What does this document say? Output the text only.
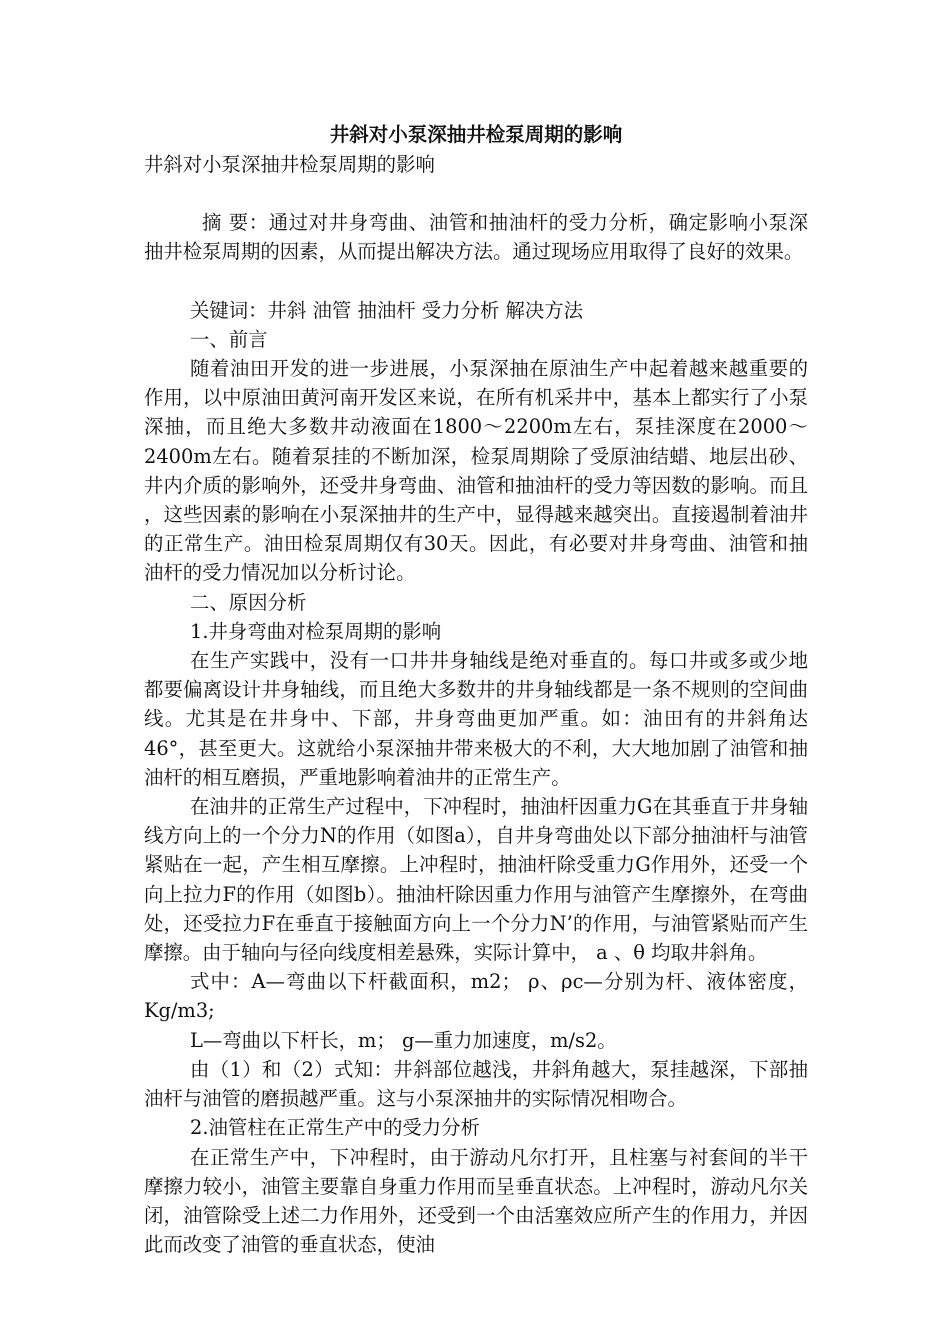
井斜对小泵深抽井检泵周期的影响

井斜对小泵深抽井检泵周期的影响

摘 要：通过对井身弯曲、油管和抽油杆的受力分析，确定影响小泵深抽井检泵周期的因素，从而提出解决方法。通过现场应用取得了良好的效果。

关键词：井斜 油管 抽油杆 受力分析 解决方法

一、前言

随着油田开发的进一步进展，小泵深抽在原油生产中起着越来越重要的作用，以中原油田黄河南开发区来说，在所有机采井中，基本上都实行了小泵深抽，而且绝大多数井动液面在1800～2200m左右，泵挂深度在2000～2400m左右。随着泵挂的不断加深，检泵周期除了受原油结蜡、地层出砂、井内介质的影响外，还受井身弯曲、油管和抽油杆的受力等因数的影响。而且 ，这些因素的影响在小泵深抽井的生产中，显得越来越突出。直接遏制着油井的正常生产。油田检泵周期仅有30天。因此，有必要对井身弯曲、油管和抽油杆的受力情况加以分析讨论。

二、原因分析

1.井身弯曲对检泵周期的影响

在生产实践中，没有一口井井身轴线是绝对垂直的。每口井或多或少地都要偏离设计井身轴线，而且绝大多数井的井身轴线都是一条不规则的空间曲线。尤其是在井身中、下部，井身弯曲更加严重。如：油田有的井斜角达46°，甚至更大。这就给小泵深抽井带来极大的不利，大大地加剧了油管和抽油杆的相互磨损，严重地影响着油井的正常生产。

在油井的正常生产过程中，下冲程时，抽油杆因重力G在其垂直于井身轴线方向上的一个分力N的作用（如图a），自井身弯曲处以下部分抽油杆与油管紧贴在一起，产生相互摩擦。上冲程时，抽油杆除受重力G作用外，还受一个向上拉力F的作用（如图b）。抽油杆除因重力作用与油管产生摩擦外，在弯曲处，还受拉力F在垂直于接触面方向上一个分力N’的作用，与油管紧贴而产生摩擦。由于轴向与径向线度相差悬殊，实际计算中， а 、θ 均取井斜角。

式中：A—弯曲以下杆截面积，m2； ρ、ρc—分别为杆、液体密度，Kg/m3;

L—弯曲以下杆长，m； g—重力加速度，m/s2。

由（1）和（2）式知：井斜部位越浅，井斜角越大，泵挂越深，下部抽油杆与油管的磨损越严重。这与小泵深抽井的实际情况相吻合。

2.油管柱在正常生产中的受力分析

在正常生产中，下冲程时，由于游动凡尔打开，且柱塞与衬套间的半干摩擦力较小，油管主要靠自身重力作用而呈垂直状态。上冲程时，游动凡尔关闭，油管除受上述二力作用外，还受到一个由活塞效应所产生的作用力，并因此而改变了油管的垂直状态，使油
